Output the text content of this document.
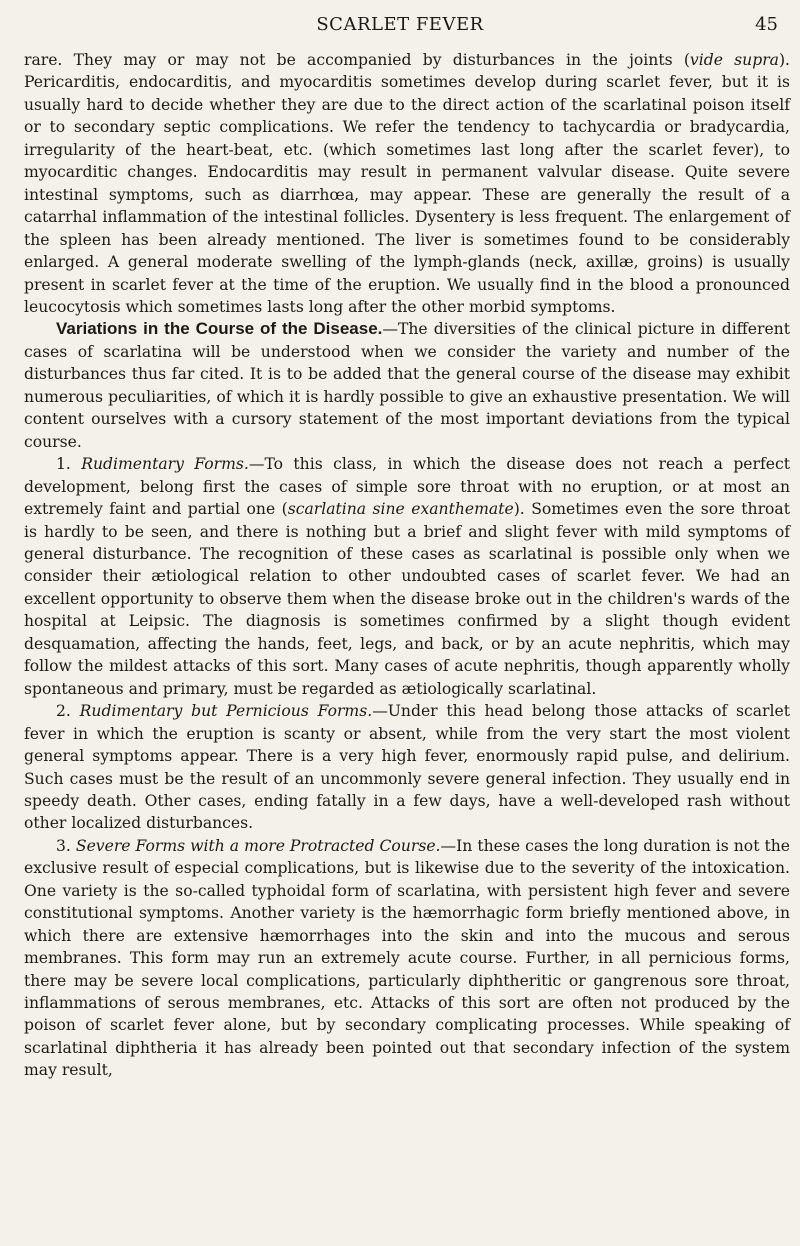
SCARLET FEVER	45

rare. They may or may not be accompanied by disturbances in the joints (vide supra). Pericarditis, endocarditis, and myocarditis sometimes develop during scarlet fever, but it is usually hard to decide whether they are due to the direct action of the scarlatinal poison itself or to secondary septic complications. We refer the tendency to tachycardia or bradycardia, irregularity of the heart-beat, etc. (which sometimes last long after the scarlet fever), to myocarditic changes. Endocarditis may result in permanent valvular disease. Quite severe intestinal symptoms, such as diarrhœa, may appear. These are generally the result of a catarrhal inflammation of the intestinal follicles. Dysentery is less frequent. The enlargement of the spleen has been already mentioned. The liver is sometimes found to be considerably enlarged. A general moderate swelling of the lymph-glands (neck, axillæ, groins) is usually present in scarlet fever at the time of the eruption. We usually find in the blood a pronounced leucocytosis which sometimes lasts long after the other morbid symptoms.

Variations in the Course of the Disease.—The diversities of the clinical picture in different cases of scarlatina will be understood when we consider the variety and number of the disturbances thus far cited. It is to be added that the general course of the disease may exhibit numerous peculiarities, of which it is hardly possible to give an exhaustive presentation. We will content ourselves with a cursory statement of the most important deviations from the typical course.

1. Rudimentary Forms.—To this class, in which the disease does not reach a perfect development, belong first the cases of simple sore throat with no eruption, or at most an extremely faint and partial one (scarlatina sine exanthemate). Sometimes even the sore throat is hardly to be seen, and there is nothing but a brief and slight fever with mild symptoms of general disturbance. The recognition of these cases as scarlatinal is possible only when we consider their ætiological relation to other undoubted cases of scarlet fever. We had an excellent opportunity to observe them when the disease broke out in the children's wards of the hospital at Leipsic. The diagnosis is sometimes confirmed by a slight though evident desquamation, affecting the hands, feet, legs, and back, or by an acute nephritis, which may follow the mildest attacks of this sort. Many cases of acute nephritis, though apparently wholly spontaneous and primary, must be regarded as ætiologically scarlatinal.

2. Rudimentary but Pernicious Forms.—Under this head belong those attacks of scarlet fever in which the eruption is scanty or absent, while from the very start the most violent general symptoms appear. There is a very high fever, enormously rapid pulse, and delirium. Such cases must be the result of an uncommonly severe general infection. They usually end in speedy death. Other cases, ending fatally in a few days, have a well-developed rash without other localized disturbances.

3. Severe Forms with a more Protracted Course.—In these cases the long duration is not the exclusive result of especial complications, but is likewise due to the severity of the intoxication. One variety is the so-called typhoidal form of scarlatina, with persistent high fever and severe constitutional symptoms. Another variety is the hæmorrhagic form briefly mentioned above, in which there are extensive hæmorrhages into the skin and into the mucous and serous membranes. This form may run an extremely acute course. Further, in all pernicious forms, there may be severe local complications, particularly diphtheritic or gangrenous sore throat, inflammations of serous membranes, etc. Attacks of this sort are often not produced by the poison of scarlet fever alone, but by secondary complicating processes. While speaking of scarlatinal diphtheria it has already been pointed out that secondary infection of the system may result,
